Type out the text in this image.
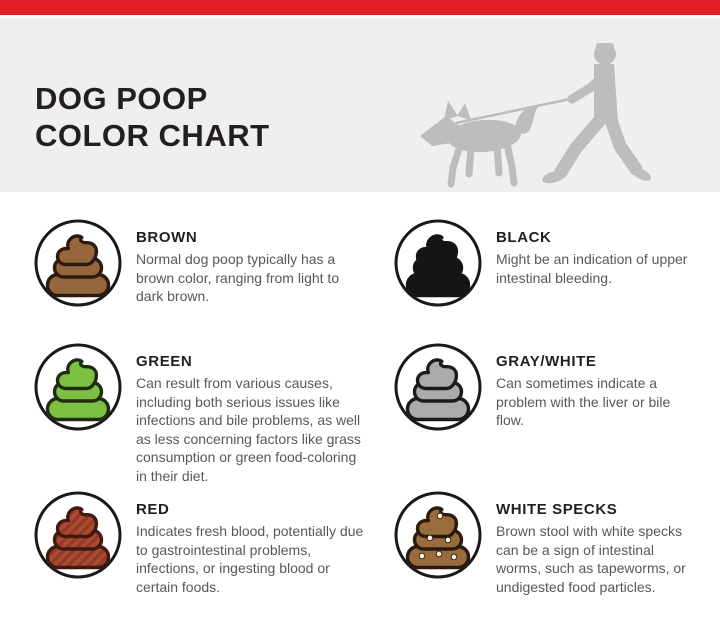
DOG POOP
COLOR CHART
BROWN
Normal dog poop typically has a brown color, ranging from light to dark brown.
GREEN
Can result from various causes, including both serious issues like infections and bile problems, as well as less concerning factors like grass consumption or green food-coloring in their diet.
RED
Indicates fresh blood, potentially due to gastrointestinal problems, infections, or ingesting blood or certain foods.
BLACK
Might be an indication of upper intestinal bleeding.
GRAY/WHITE
Can sometimes indicate a problem with the liver or bile flow.
WHITE SPECKS
Brown stool with white specks can be a sign of intestinal worms, such as tapeworms, or undigested food particles.
